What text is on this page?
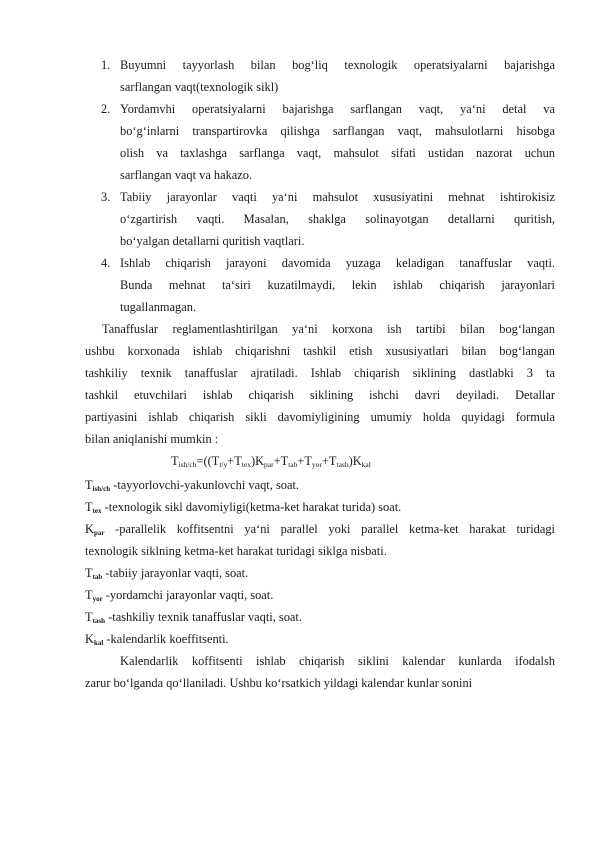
1. Buyumni tayyorlash bilan bog‘liq texnologik operatsiyalarni bajarishga
sarflangan vaqt(texnologik sikl)
2. Yordamvhi operatsiyalarni bajarishga sarflangan vaqt, ya‘ni detal va
bo‘g‘inlarni transpartirovka qilishga sarflangan vaqt, mahsulotlarni hisobga
olish va taxlashga sarflanga vaqt, mahsulot sifati ustidan nazorat uchun
sarflangan vaqt va hakazo.
3. Tabiiy jarayonlar vaqti ya‘ni mahsulot xususiyatini mehnat ishtirokisiz
o‘zgartirish vaqti. Masalan, shaklga solinayotgan detallarni quritish,
bo‘yalgan detallarni quritish vaqtlari.
4. Ishlab chiqarish jarayoni davomida yuzaga keladigan tanaffuslar vaqti.
Bunda mehnat ta‘siri kuzatilmaydi, lekin ishlab chiqarish jarayonlari
tugallanmagan.
Tanaffuslar reglamentlashtirilgan ya‘ni korxona ish tartibi bilan bog‘langan
ushbu korxonada ishlab chiqarishni tashkil etish xususiyatlari bilan bog‘langan
tashkiliy texnik tanaffuslar ajratiladi. Ishlab chiqarish siklining dastlabki 3 ta
tashkil etuvchilari ishlab chiqarish siklining ishchi davri deyiladi. Detallar
partiyasini ishlab chiqarish sikli davomiyligining umumiy holda quyidagi formula
bilan aniqlanishi mumkin :
$T_{ish/ch}=((T_{t/y}+T_{tex})K_{par}+T_{tab}+T_{yor}+T_{tash})K_{kal}$
Tish/ch -tayyorlovchi-yakunlovchi vaqt, soat.
Ttex -texnologik sikl davomiyligi(ketma-ket harakat turida) soat.
Kpar -parallelik koffitsentni ya‘ni parallel yoki parallel ketma-ket harakat turidagi
texnologik siklning ketma-ket harakat turidagi siklga nisbati.
Ttab -tabiiy jarayonlar vaqti, soat.
Tyor -yordamchi jarayonlar vaqti, soat.
Ttash -tashkiliy texnik tanaffuslar vaqti, soat.
Kkal -kalendarlik koeffitsenti.
Kalendarlik koffitsenti ishlab chiqarish siklini kalendar kunlarda ifodalsh
zarur bo‘lganda qo‘llaniladi. Ushbu ko‘rsatkich yildagi kalendar kunlar sonini
